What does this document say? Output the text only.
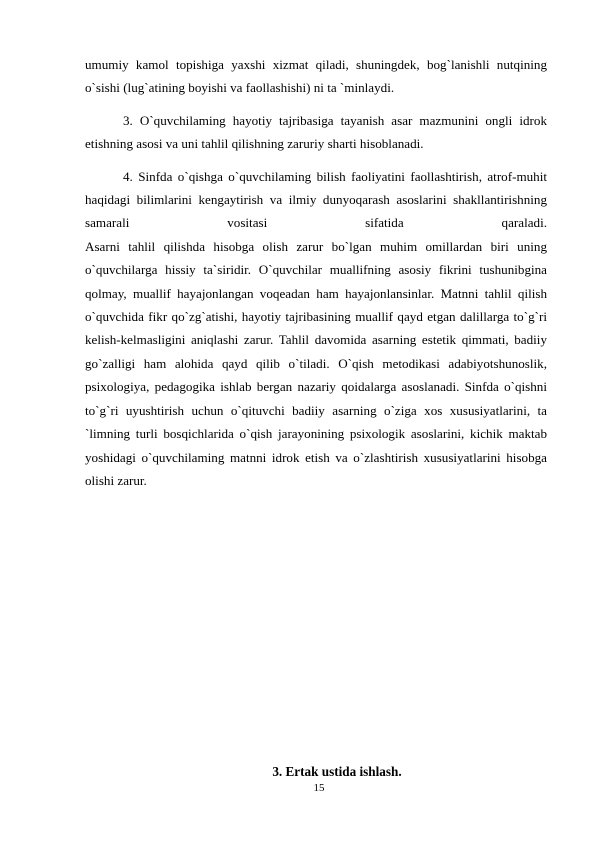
umumiy kamol topishiga yaxshi xizmat qiladi, shuningdek, bog`lanishli nutqining o`sishi (lug`atining boyishi va faollashishi) ni ta `minlaydi.

3. O`quvchilaming hayotiy tajribasiga tayanish asar mazmunini ongli idrok etishning asosi va uni tahlil qilishning zaruriy sharti hisoblanadi.

4. Sinfda o`qishga o`quvchilaming bilish faoliyatini faollashtirish, atrof-muhit haqidagi bilimlarini kengaytirish va ilmiy dunyoqarash asoslarini shakllantirishning samarali vositasi sifatida qaraladi.

Asarni tahlil qilishda hisobga olish zarur bo`lgan muhim omillardan biri uning o`quvchilarga hissiy ta`siridir. O`quvchilar muallifning asosiy fikrini tushunibgina qolmay, muallif hayajonlangan voqeadan ham hayajonlansinlar. Matnni tahlil qilish o`quvchida fikr qo`zg`atishi, hayotiy tajribasining muallif qayd etgan dalillarga to`g`ri kelish-kelmasligini aniqlashi zarur. Tahlil davomida asarning estetik qimmati, badiiy go`zalligi ham alohida qayd qilib o`tiladi. O`qish metodikasi adabiyotshunoslik, psixologiya, pedagogika ishlab bergan nazariy qoidalarga asoslanadi. Sinfda o`qishni to`g`ri uyushtirish uchun o`qituvchi badiiy asarning o`ziga xos xususiyatlarini, ta `limning turli bosqichlarida o`qish jarayonining psixologik asoslarini, kichik maktab yoshidagi o`quvchilaming matnni idrok etish va o`zlashtirish xususiyatlarini hisobga olishi zarur.

3. Ertak ustida ishlash.
15
